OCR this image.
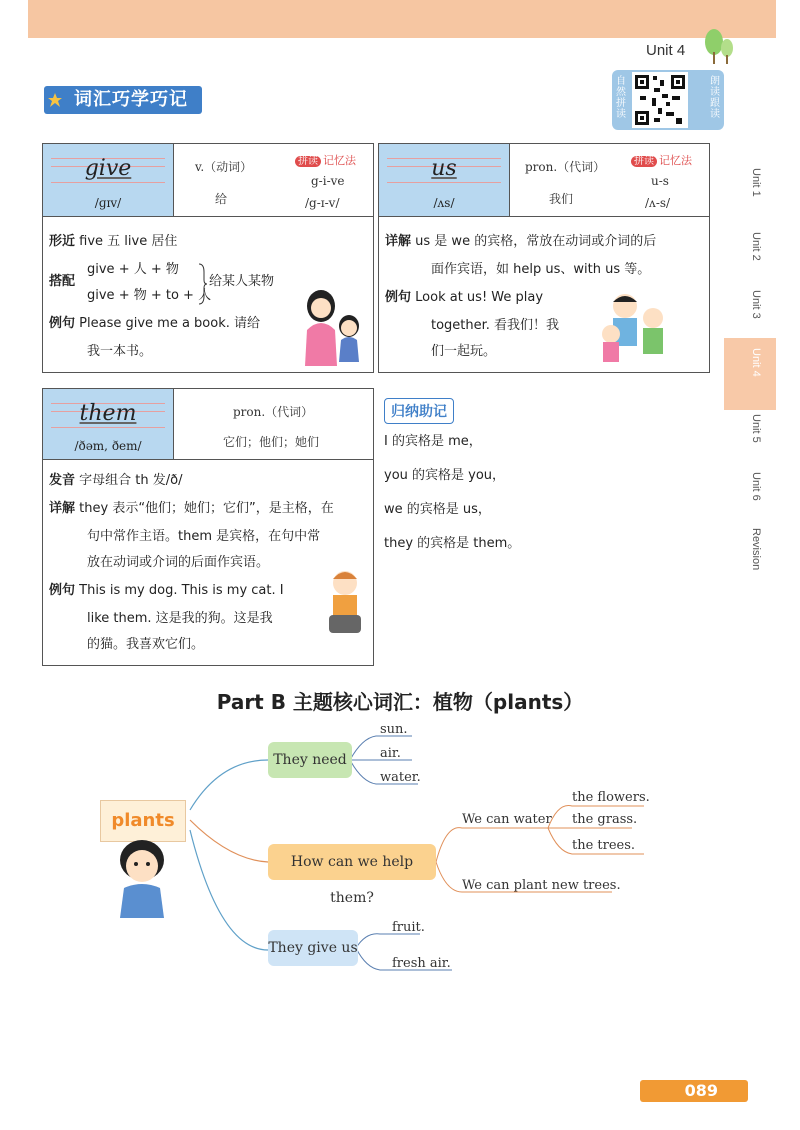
Unit 4
词汇巧学巧记
自然拼读
朗读跟读
Unit 1
Unit 2
Unit 3
Unit 4
Unit 5
Unit 6
Revision
give
/ɡɪv/
v.（动词）
给
拼读 记忆法
g-i-ve
/g-ɪ-v/
形近 five 五 live 居住
搭配
give + 人 + 物
give + 物 + to + 人
给某人某物
例句 Please give me a book. 请给
我一本书。
us
/ʌs/
pron.（代词）
我们
拼读 记忆法
u-s
/ʌ-s/
详解 us 是 we 的宾格，常放在动词或介词的后
面作宾语，如 help us、with us 等。
例句 Look at us! We play
together. 看我们！我
们一起玩。
them
/ðəm, ðem/
pron.（代词）
它们；他们；她们
发音 字母组合 th 发/ð/
详解 they 表示“他们；她们；它们”，是主格，在
句中常作主语。them 是宾格，在句中常
放在动词或介词的后面作宾语。
例句 This is my dog. This is my cat. I
like them. 这是我的狗。这是我
的猫。我喜欢它们。
归纳助记
I 的宾格是 me，
you 的宾格是 you，
we 的宾格是 us，
they 的宾格是 them。
Part B 主题核心词汇：植物（plants）
plants
They need
sun.
air.
water.
How can we help them?
We can water
the flowers.
the grass.
the trees.
We can plant new trees.
They give us
fruit.
fresh air.
089
